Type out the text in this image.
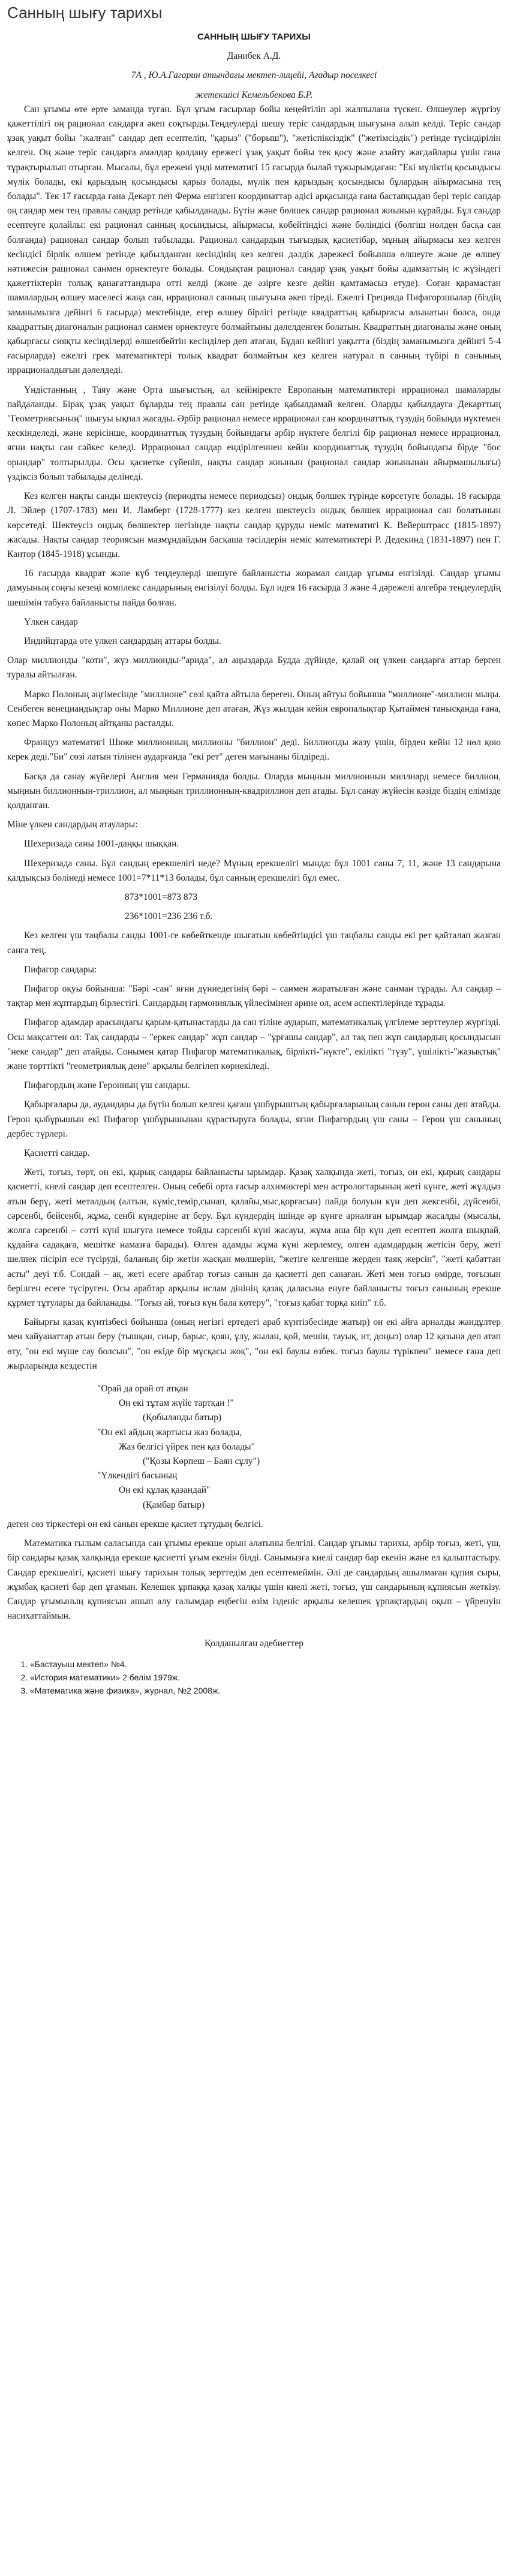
Санның шығу тарихы

САННЫҢ ШЫҒУ ТАРИХЫ

Данибек А.Д.

7А , Ю.А.Гагарин атындағы мектеп-лицейі, Ағадыр поселкесі

жетекшісі Кемельбекова Б.Р.

Сан ұғымы өте ерте заманда туған. Бұл ұғым ғасырлар бойы кеңейтіліп әрі жалпылана түскен. Өлшеулер жүргізу қажеттілігі оң рационал сандарға әкеп соқтырды.Теңдеулерді шешу теріс сандардың шығуына алып келді. Теріс сандар ұзақ уақыт бойы "жалған" сандар деп есептеліп, "қарыз" ("борыш"), "жетіспіксіздік" ("жетімсіздік") ретінде түсіндірілін келген. Оң және теріс сандарға амалдар қолдану ережесі ұзақ уақыт бойы тек қосу және азайту жағдайлары үшін ғана тұрақтырылып отырған. Мысалы, бұл ережені үнді математигі 15 ғасырда былай тұжырымдаған: "Екі мүліктің қосындысы мүлік болады, екі қарыздың қосындысы қарыз болады, мүлік пен қарыздың қосындысы бұлардың айырмасына тең болады". Тек 17 ғасырда ғана Декарт пен Ферма енгізген координаттар әдісі арқасында ғана бастапқыдан бері теріс сандар оң сандар мен тең правлы сандар ретінде қабылданады. Бүтін және бөлшек сандар рационал жиынын құрайды. Бұл сандар есептеуге қолайлы: екі рационал санның қосындысы, айырмасы, көбейтіндісі және бөліндісі (бөлгіш нөлден басқа сан болғанда) рационал сандар болып табылады. Рационал сандардың тығыздық қасиетібар, мұның айырмасы кез келген кесіндісі бірлік өлшем ретінде қабылданған кесіндінің кез келген дәлдік дәрежесі бойынша өлшеуге және де өлшеу нәтижесін рационал санмен өрнектеуге болады. Сондықтан рационал сандар ұзақ уақыт бойы адамзаттың іс жүзіндегі қажеттіктерін толық қанағаттандыра отті келді (және де әзірге кезге дейін қамтамасыз етуде). Соған қарамастан шамалардың өлшеу мәселесі жаңа сан, иррационал санның шығуына әкеп тіреді. Ежелгі Грецияда Пифагорзшылар (біздің заманымызға дейінгі 6 ғасырда) мектебінде, егер өлшеу бірлігі ретінде квадраттың қабырғасы алынатын болса, онда квадраттың диагоналын рационал санмен өрнектеуге болмайтыны дәлелденген болатын. Квадраттың диагоналы және оның қабырғасы сияқты кесінділерді өлшенбейтін кесінділер деп атаған, Бұдан кейінгі уақытта (біздің заманымызға дейінгі 5-4 ғасырларда) ежелгі грек математиктері толық квадрат болмайтын кез келген натурал n санның түбірі n санының иррационалдығын дәлелдеді.

Үндістанның , Таяу және Орта шығыстың, ал кейініректе Европаның математиктері иррационал шамаларды пайдаланды. Бірақ ұзақ уақыт бұларды тең правлы сан ретінде қабылдамай келген. Оларды қабылдауға Декарттың "Геометриясының" шығуы ықпал жасады. Әрбір рационал немесе иррационал сан координаттық түзудің бойында нүктемен кескінделеді, және керісінше, координаттық түзудың бойындағы әрбір нүктеге белгілі бір рационал немесе иррационал, яғни нақты сан сәйкес келеді. Иррационал сандар ендірілгеннен кейін координаттық түзудің бойындағы бірде "бос орындар" толтырылды. Осы қасиетке сүйеніп, нақты сандар жиынын (рационал сандар жиынынан айырмашылығы) үздіксіз болып табылады делінеді.

Кез келген нақты санды шектеусіз (периодты немесе периодсыз) ондық бөлшек түрінде көрсетуге болады. 18 ғасырда Л. Эйлер (1707-1783) мен И. Ламберт (1728-1777) кез келген шектеусіз ондық бөлшек иррационал сан болатынын көрсетеді. Шектеусіз ондық бөлшектер негізінде нақты сандар құруды неміс математигі К. Вейерштрасс (1815-1897) жасады. Нақты сандар теориясын мазмұндайдың басқаша тәсілдерін неміс математиктері Р. Дедекинд (1831-1897) пен Г. Кантор (1845-1918) ұсынды.

16 ғасырда квадрат және күб теңдеулерді шешуге байланысты жорамал сандар ұғымы енгізілді. Сандар ұғымы дамуының соңғы кезеңі комплекс сандарының енгізілуі болды. Бұл идея 16 ғасырда 3 және 4 дәрежелі алгебра теңдеулердің шешімін табуға байланысты пайда болған.

Үлкен сандар

Индийцтарда өте үлкен сандардың аттары болды.

Олар миллионды "коти", жүз миллионды-"арида", ал аңыздарда Будда дүйінде, қалай оң үлкен сандарға аттар берген туралы айтылған.

Марко Полоның әңгімесінде "миллионе" сөзі қайта айтыла береген. Оның айтуы бойынша "миллионе"-миллион мыңы. Сенбеген венециандықтар оны Марко Миллионе деп атаған, Жүз жылдан кейін европалықтар Қытаймен танысқанда ғана, көпес Марко Полоның айтқаны расталды.

Француз математигі Шюке миллионның миллионы "биллион" деді. Биллионды жазу үшін, бірден кейін 12 нөл қою керек деді."Би" сөзі латын тілінен аударғанда "екі рет" деген мағынаны білдіреді.

Басқа да санау жүйелері Англия мен Германияда болды. Оларда мыңнын миллионнын миллиард немесе биллион, мыңнын биллионнын-триллион, ал мыңнын триллионның-квадриллион деп атады. Бұл санау жүйесін кәзіде біздің еліміздe қолданған.

Міне үлкен сандардың атаулары:

Шехеризада саны 1001-даңқы шыққан.

Шехеризада саны. Бұл сандың ерекшелігі неде? Мұның ерекшелігі мында: бұл 1001 саны 7, 11, және 13 сандарына қалдықсыз бөлінеді немесе 1001=7*11*13 болады, бұл санның ерекшелігі бұл емес.

873*1001=873 873

236*1001=236 236 т.б.

Кез келген үш таңбалы санды 1001-ге көбейткенде шығатын көбейтіндісі үш таңбалы санды екі рет қайталап жазған санға тең.

Пифагор сандары:

Пифагор оқуы бойынша: "Бәрі -сан" яғни дүниедегінің бәрі – санмен жаратылған және санман тұрады. Ал сандар – тақтар мен жұптардың бірлестігі. Сандардың гармониялық үйлесімінен әрине ол, асем аспектілерінде тұрады.

Пифагор адамдар арасындағы қарым-қатынастарды да сан тіліне аударып, математикалық үлгілеме зерттеулер жүргізді. Осы мақсаттен ол: Тақ сандарды – "еркек сандар" жұп сандар – "ұрғашы сандар", ал тақ пен жұп сандардың қосындысын "неке сандар" деп атайды. Сонымен қатар Пифагор математикалық, бірлікті-"нүкте", екілікті "түзу", үшілікті-"жазықтық" және төрттікті "геометриялық дене" арқылы белгілеп көрнекіледі.

Пифагордың және Геронның үш сандары.

Қабырғалары да, аудандары да бүтін болып келген қағаш үшбұрыштың қабырғаларының санын герон саны деп атайды. Герон қыбұрышын екі Пифагор үшбұрышынан құрастыруға болады, яғни Пифагордың үш саны – Герон үш санының дербес түрлері.

Қасиетті сандар.

Жеті, тоғыз, төрт, он екі, қырық сандары байланысты ырымдар. Қазақ халқында жеті, тоғыз, он екі, қырық сандары қасиетті, киелі сандар деп есептелген. Оның себебі орта ғасыр алхимиктері мен астрологтарының жеті күнге, жеті жұлдыз атын берү, жеті металдың (алтын, күміс,темір,сынап, қалайы,мыс,қорғасын) пайда болуын күн деп жексенбі, дүйсенбі, сәрсенбі, бейсенбі, жұма, сенбі күндеріне ат беру. Бұл күндердің ішінде әр күнге арналған ырымдар жасалды (мысалы, жолға сәрсенбі – сәтті күні шығуға немесе тойды сәрсенбі күні жасауы, жұма аша бір күн деп есептеп жолға шықпай, құдайға садақаға, мешітке намазға барады). Өлген адамды жұма күні жерлемеу, өлген адамдардың жетісін беру, жеті шелпек пісіріп есе түсіруді, баланың бір жетін жасқан мөлшерін, "жетіге келгенше жерден таяқ жерсін", "жеті қабаттан асты" деуі т.б. Сондай – ақ, жеті есеге арабтар тоғыз санын да қасиетті деп санаған. Жеті мен тоғыз өмірде, тоғызын берілген есеге түсіруген. Осы арабтар арқылы ислам дінінің қазақ даласына енуге байланысты тоғыз санының ерекше құрмет тұтулары да байланады. "Тоғыз ай, тоғыз күн бала көтеру", "тоғыз қабат торқа киіп" т.б.

Байырғы қазақ күнтізбесі бойынша (оның негізгі ертедегі араб күнтізбесінде жатыр) он екі айға арналды жандұлтер мен хайуанаттар атын беру (тышқан, сиыр, барыс, қоян, ұлу, жылан, қой, мешін, тауық, ит, доңыз) олар 12 қазына деп атап өту, "он екі мүше сау болсын", "он екіде бір мұсқасы жоқ", "он екі баулы өзбек. тоғыз баулы түрікпен" немесе ғана деп жырларында кездестін

"Орай да орай от атқан

Он екі тұтам жүйе тартқан !"

(Қобыланды батыр)

"Он екі айдың жартысы жаз болады,

Жаз белгісі үйрек пен қаз болады"

("Қозы Көрпеш – Баян сұлу")

"Үлкендігі басының

Он екі құлақ қазандай"

(Қамбар батыр)

деген сөз тіркестері он екі санын ерекше қасиет тұтудың белгісі.

Математика ғылым саласында сан ұғымы ерекше орын алатыны белгілі. Сандар ұғымы тарихы, әрбір тоғыз, жеті, үш, бір сандары қазақ халқында ерекше қасиетті ұғым екенін білді. Санымызға киелі сандар бар екенін және ел қалыптастыру. Сандар ерекшелігі, қасиеті шығу тарихын толық зерттедім деп есептемеймін. Әлі де сандардың ашылмаған құпия сыры, жұмбақ қасиеті бар деп ұғамын. Келешек ұрпаққа қазақ халқы үшін киелі жеті, тоғыз, үш сандарының құпиясын жеткізу. Сандар ұғымының құпиясын ашып алу ғалымдар еңбегін өзім ізденіс арқылы келешек ұрпақтардың оқып – үйренуін насихаттаймын.

Қолданылған әдебиеттер

1. «Бастауыш мектеп» №4.
2. «История математики» 2 белім 1979ж.
3. «Математика және физика», журнал, №2 2008ж.
